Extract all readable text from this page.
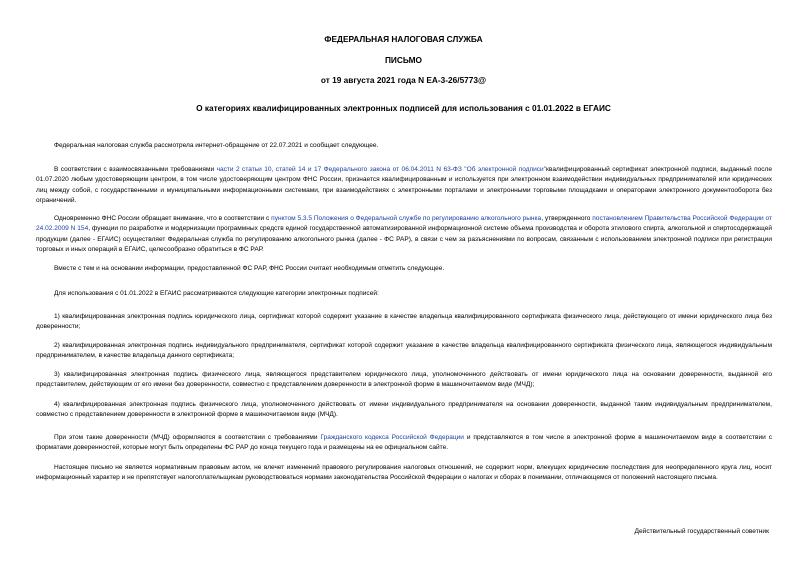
ФЕДЕРАЛЬНАЯ НАЛОГОВАЯ СЛУЖБА
ПИСЬМО
от 19 августа 2021 года N ЕА-3-26/5773@
О категориях квалифицированных электронных подписей для использования с 01.01.2022 в ЕГАИС

Федеральная налоговая служба рассмотрела интернет-обращение от 22.07.2021 и сообщает следующее.

В соответствии с взаимосвязанными требованиями части 2 статьи 10, статей 14 и 17 Федерального закона от 06.04.2011 N 63-ФЗ "Об электронной подписи"квалифицированный сертификат электронной подписи, выданный после 01.07.2020 любым удостоверяющим центром, в том числе удостоверяющим центром ФНС России, признается квалифицированным и используется при электронном взаимодействии индивидуальных предпринимателей или юридических лиц между собой, с государственными и муниципальными информационными системами, при взаимодействиях с электронными порталами и электронными торговыми площадками и операторами электронного документооборота без ограничений.

Одновременно ФНС России обращает внимание, что в соответствии с пунктом 5.3.5 Положения о Федеральной службе по регулированию алкогольного рынка, утвержденного постановлением Правительства Российской Федерации от 24.02.2009 N 154, функции по разработке и модернизации программных средств единой государственной автоматизированной информационной системе объема производства и оборота этилового спирта, алкогольной и спиртосодержащей продукции (далее - ЕГАИС) осуществляет Федеральная служба по регулированию алкогольного рынка (далее - ФС РАР), в связи с чем за разъяснениями по вопросам, связанным с использованием электронной подписи при регистрации торговых и иных операций в ЕГАИС, целесообразно обратиться в ФС РАР.

Вместе с тем и на основании информации, предоставленной ФС РАР, ФНС России считает необходимым отметить следующее.

Для использования с 01.01.2022 в ЕГАИС рассматриваются следующие категории электронных подписей:

1) квалифицированная электронная подпись юридического лица, сертификат которой содержит указание в качестве владельца квалифицированного сертификата физического лица, действующего от имени юридического лица без доверенности;

2) квалифицированная электронная подпись индивидуального предпринимателя, сертификат которой содержит указание в качестве владельца квалифицированного сертификата физического лица, являющегося индивидуальным предпринимателем, в качестве владельца данного сертификата;

3) квалифицированная электронная подпись физического лица, являющегося представителем юридического лица, уполномоченного действовать от имени юридического лица на основании доверенности, выданной его представителем, действующим от его имени без доверенности, совместно с представлением доверенности в электронной форме в машиночитаемом виде (МЧД);

4) квалифицированная электронная подпись физического лица, уполномоченного действовать от имени индивидуального предпринимателя на основании доверенности, выданной таким индивидуальным предпринимателем, совместно с представлением доверенности в электронной форме в машиночитаемом виде (МЧД).

При этом такие доверенности (МЧД) оформляются в соответствии с требованиями Гражданского кодекса Российской Федерации и представляются в том числе в электронной форме в машиночитаемом виде в соответствии с форматами доверенностей, которые могут быть определены ФС РАР до конца текущего года и размещены на ее официальном сайте.

Настоящее письмо не является нормативным правовым актом, не влечет изменений правового регулирования налоговых отношений, не содержит норм, влекущих юридические последствия для неопределенного круга лиц, носит информационный характер и не препятствует налогоплательщикам руководствоваться нормами законодательства Российской Федерации о налогах и сборах в понимании, отличающемся от положений настоящего письма.

Действительный государственный советник
